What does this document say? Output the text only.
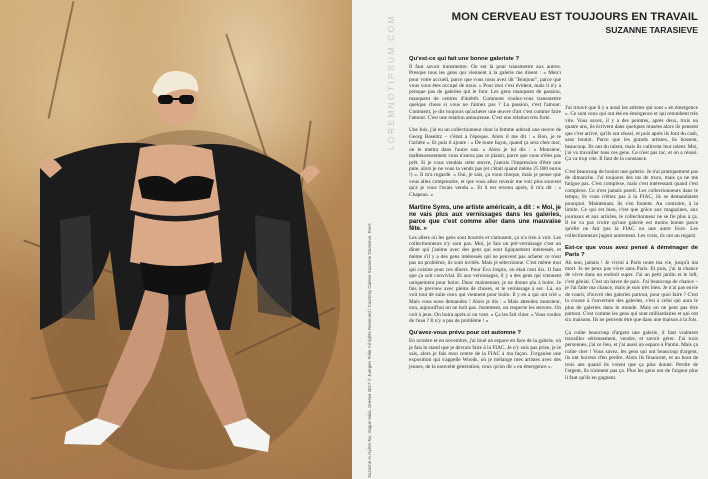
LOREMNOTIPSUM.COM
Suzanne in Hyère-Nu, Vogue Italia, Greece 2017 © Juergen Teller All rights Reserved / Courtesy Galerie Suzanne Tarasieve, Paris
MON CERVEAU EST TOUJOURS EN TRAVAIL
SUZANNE TARASIEVE
Qu'est-ce qui fait une bonne galeriste ?

Il faut savoir transmettre. On est là pour transmettre aux autres. Presque tous les gens qui viennent à la galerie me disent : « Merci pour votre accueil, parce que vous nous avez dit "Bonjour", parce que vous vous êtes occupé de nous. » Pour moi c'est évident, mais il n'y a presque pas de galeries qui le font. Les gens manquent de passion, manquent de centres d'intérêt. Comment voulez-vous transmettre quelque chose si vous ne l'aimez pas ? La passion, c'est l'amour. Comment, je dis toujours qu'acheter une œuvre d'art c'est comme faire l'amour. C'est une relation amoureuse. C'est une relation très forte.

Une fois, j'ai eu un collectionneur dont la femme adorait une œuvre de Georg Baselitz – c'était à l'époque. Alors il me dit : « Bon, je te l'achète ». Et puis il ajoute : « De toute façon, quand ça sera chez moi, on le mettra dans l'autre uns. » Alors je lui dis : « Monsieur, malheureusement vous n'aurez pas ce plaisir, parce que vous n'êtes pas prêt. Si je vous vendais cette œuvre, j'aurais l'impression d'être une pute, alors je ne vous la vends pas (et c'était quand même 25 000 euros !) ». Il m'a regardé. « Oui, je sais, ça vous choque, mais je pense que vous allez comprendre, et que vous allez revenir me voir plus souvent qu'à je vous l'avais vendu ». Et il est revenu après, il m'a dit : « Chapeau. »

Martine Syms, une artiste américain, a dit : « Moi, je ne vais plus aux vernissages dans les galeries, parce que c'est comme aller dans une mauvaise fête. »

Les allers où les gens sont bourrés et s'amusent, ça n'a rien à voir. Les collectionneurs n'y sont pas. Moi, je fais un pré-vernissage c'est un dîner qui j'anime avec des gens qui sont ligiquement intéressés, et même s'il y a des gens intéressés qui ne peuvent pas acheter ce n'est pas un problème, ils sont invités. Mais je sélectionne. C'est même moi qui cuisine pour ces dîners. Pour Eva Jospin, on était cent dix. Il faut que ça soit convivial. Et aux vernissages, il y a des gens qui viennent uniquement pour boire. Donc maintenant, je ne donne plu à boire. Je fais le preview avec pleins de choses, et le vernissage à sec. Là, on voit tout de suite ceux qui viennent pour boire. Il y en a qui ont crié « Mais vous nous demandez ! Alors je dis : « Mais attendez monsieur, non, aujourd'hui on ne boit pas. Justement, on respecte les œuvres. On voit à jeun. On boira après si on veut. » Ça les fait chier. « Vous voulez de l'eau ? Il n'y a pas de problème ! »

Qu'avez-vous prévu pour cet automne ?

En octobre et en novembre, j'ai loué un espace en face de la galerie, où je fais le stand que je devrais faire à la FIAC. Je n'y suis pas prise, je le sais, alors je fais mon centre de la FIAC à ma façon. J'organise une exposition qui s'appelle Woods, où je mélange mes artistes avec des jeunes, de la nouvelle génération, ceux qu'on dit « en émergence ».

J'ai trouvé que il y a aussi les artistes qui sont « en émergence ». Ce sont ceux qui ont été en émergence et qui retombent très vite. Vous savez, il y a des peintres, après deux, trois ou quatre ans, ils écrivent dans quelques musées alors ils pensent que c'est arrivé, qu'ils ont réussi, et puis après ils font du cash, sans boulot. Parce que les grands artistes, ils bossent, beaucoup. Ils ont du talent, mais ils cultivent leur talent. Moi, j'ai vu travailler tous ces gens. Ce n'est pas tac, et on a réussi. Ça va trop vite. Il faut de la constance.

C'est beaucoup de boulot une galerie. Je n'ai pratiquement pas de dimanche. J'ai toujours des tas de trucs, mais ça ne me fatigue pas. C'est complexe, mais c'est intéressant quand c'est complexe. Ce n'est jamais pareil. Les collectionneurs dans le temps, ils vous n'étiez pas à la FIAC, ils se demandaient pourquoi. Maintenant, ils s'en foutent. Au contraire, à la limite. Ce qui est bien, c'est que grâce aux magazines, aux journaux et aux articles, le collectionneur ne se fie plus à ça. Il ne va pas croire qu'une galerie est moins bonne parce qu'elle ne fait pas la FIAC ou une autre foire. Les collectionneurs jugent autrement. Les vrais, ils ont un regard.

Est-ce que vous avez pensé à déménager de Paris ?

Ah non, jamais ! Je vivrai à Paris toute ma vie, jusqu'à ma mort. Je ne peux pas vivre sans Paris. Et puis, j'ai la chance de vivre dans un endroit super. J'ai un petit jardin et le loft, c'est génial. C'est un havre de paix. J'ai beaucoup de chance – je l'ai faite ma chance, mais je suis très bien. Je n'ai pas envie de courir, d'ouvrir des galeries partout, pour quoi faire ? C'est la course à l'ouverture des galeries, c'est à celui qui aura le plus de galeries dans le monde. Mais on ne peut pas être partout. C'est comme les gens qui sont milliardaires et qui ont six maisons. Ils ne peuvent être que dans une maison à la fois.

Ça coûte beaucoup d'argent une galerie, il faut vraiment travailler sérieusement, vendre, et savoir gérer. J'ai trois personnes, j'ai ce lieu, et j'ai aussi un espace à Pantin. Mais ça coûte cher ! Vous savez, les gens qui ont beaucoup d'argent, ils ont horreur d'en perdre. Alors ils financent, et au bout de trois ans quand ils voient que ça plus donné. Perdre de l'argent, ils n'aiment pas ça. Plus les gens ont de l'argent plus il faut qu'ils en gagnent.
